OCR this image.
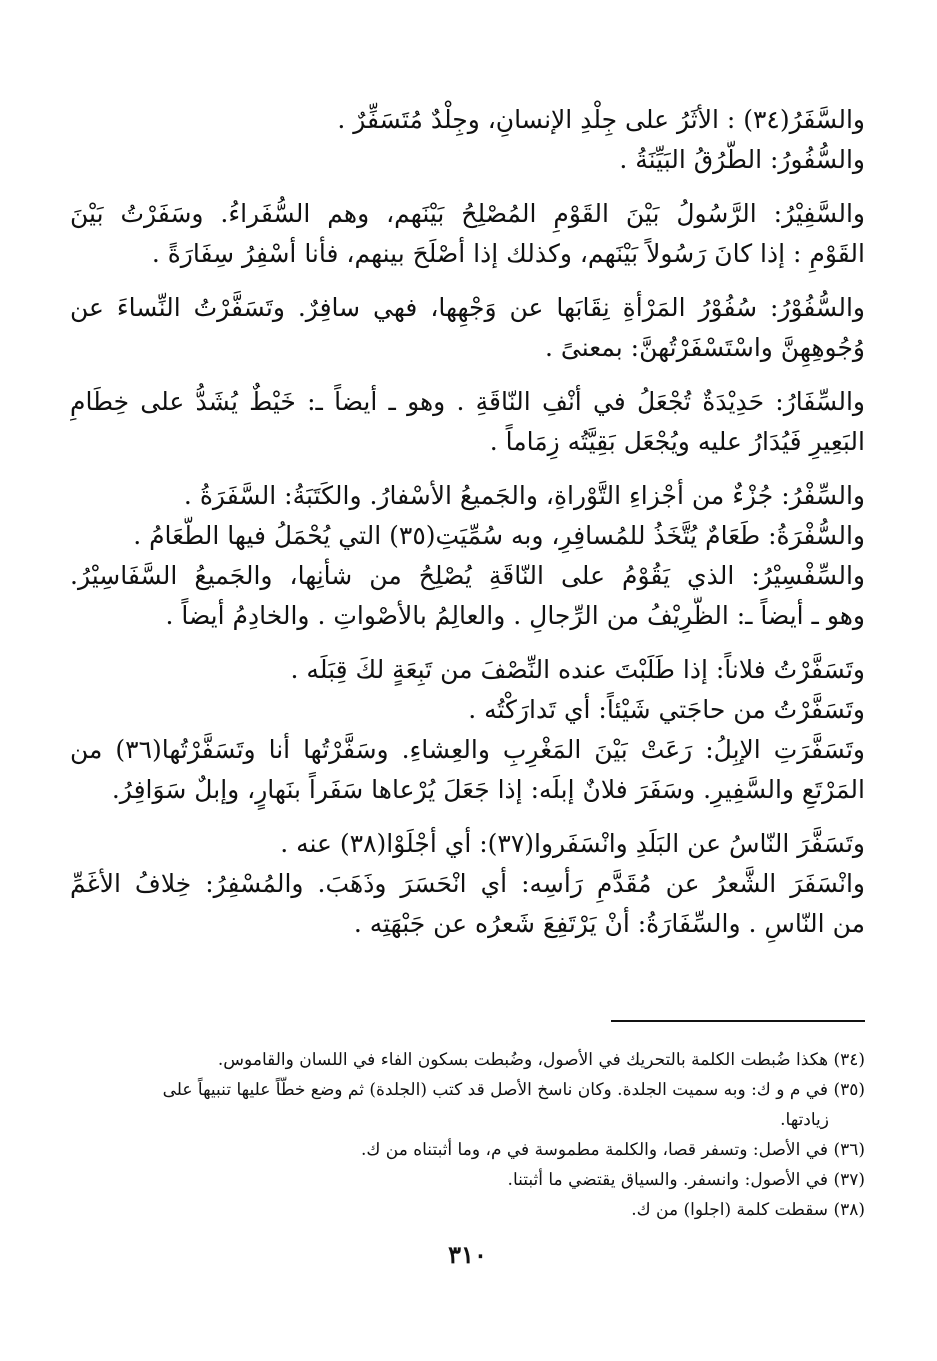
والسَّفَرُ(٣٤) : الأثَرُ على جِلْدِ الإنسانِ، وجِلْدٌ مُتَسَفِّرٌ .
والسُّفُورُ: الطُّرُقُ البَيِّنَةُ .
والسَّفِيْرُ: الرَّسُولُ بَيْنَ القَوْمِ المُصْلِحُ بَيْنَهم، وهم السُّفَراءُ. وسَفَرْتُ بَيْنَ
القَوْمِ : إذا كانَ رَسُولاً بَيْنَهم، وكذلك إذا أصْلَحَ بينهم، فأنا أسْفِرُ سِفَارَةً .
والسُّفُوْرُ: سُفُوْرُ المَرْأةِ نِقَابَها عن وَجْهِها، فهي سافِرٌ. وتَسَفَّرْتُ النِّساءَ عن
وُجُوهِهِنَّ واسْتَسْفَرْتُهنَّ: بمعنىً .
والسِّفَارُ: حَدِيْدَةٌ تُجْعَلُ في أنْفِ النّاقَةِ . وهو ـ أيضاً ـ: خَيْطٌ يُشَدُّ على خِطَامِ
البَعِيرِ فَيُدَارُ عليه ويُجْعَل بَقِيَّتُه زِمَاماً .
والسِّفْرُ: جُزْءٌ من أجْزاءِ التَّوْراةِ، والجَميعُ الأسْفارُ. والكَتَبَةُ: السَّفَرَةُ .
والسُّفْرَةُ: طَعَامٌ يُتَّخَذُ للمُسافِرِ، وبه سُمِّيَتِ(٣٥) التي يُحْمَلُ فيها الطَّعَامُ .
والسِّفْسِيْرُ: الذي يَقُوْمُ على النّاقَةِ يُصْلِحُ من شأنِها، والجَميعُ السَّفَاسِيْرُ.
وهو ـ أيضاً ـ: الظَّرِيْفُ من الرِّجالِ . والعالِمُ بالأصْواتِ . والخادِمُ أيضاً .
وتَسَفَّرْتُ فلاناً: إذا طَلَبْتَ عنده النِّصْفَ من تَبِعَةٍ لكَ قِبَلَه .
وتَسَفَّرْتُ من حاجَتي شَيْئاً: أي تَدارَكْتُه .
وتَسَفَّرَتِ الإبِلُ: رَعَتْ بَيْنَ المَغْرِبِ والعِشاءِ. وسَفَّرْتُها أنا وتَسَفَّرْتُها(٣٦) من
المَرْتَعِ والسَّفِيرِ. وسَفَرَ فلانٌ إبلَه: إذا جَعَلَ يُرْعاها سَفَراً بنَهارٍ، وإبلٌ سَوَافِرُ.
وتَسَفَّرَ النّاسُ عن البَلَدِ وانْسَفَروا(٣٧): أي أجْلَوْا(٣٨) عنه .
وانْسَفَرَ الشَّعرُ عن مُقَدَّمِ رَأسِه: أي انْحَسَرَ وذَهَبَ. والمُسْفِرُ: خِلافُ الأغَمِّ
من النّاسِ . والسِّفَارَةُ: أنْ يَرْتَفِعَ شَعرُه عن جَبْهَتِه .
(٣٤) هكذا ضُبطت الكلمة بالتحريك في الأصول، وضُبطت بسكون الفاء في اللسان والقاموس.
(٣٥) في م و ك: وبه سميت الجلدة. وكان ناسخ الأصل قد كتب (الجلدة) ثم وضع خطّاً عليها تنبيهاً على
زيادتها.
(٣٦) في الأصل: وتسفر قصا، والكلمة مطموسة في م، وما أثبتناه من ك.
(٣٧) في الأصول: وانسفر. والسياق يقتضي ما أثبتنا.
(٣٨) سقطت كلمة (اجلوا) من ك.
٣١٠
